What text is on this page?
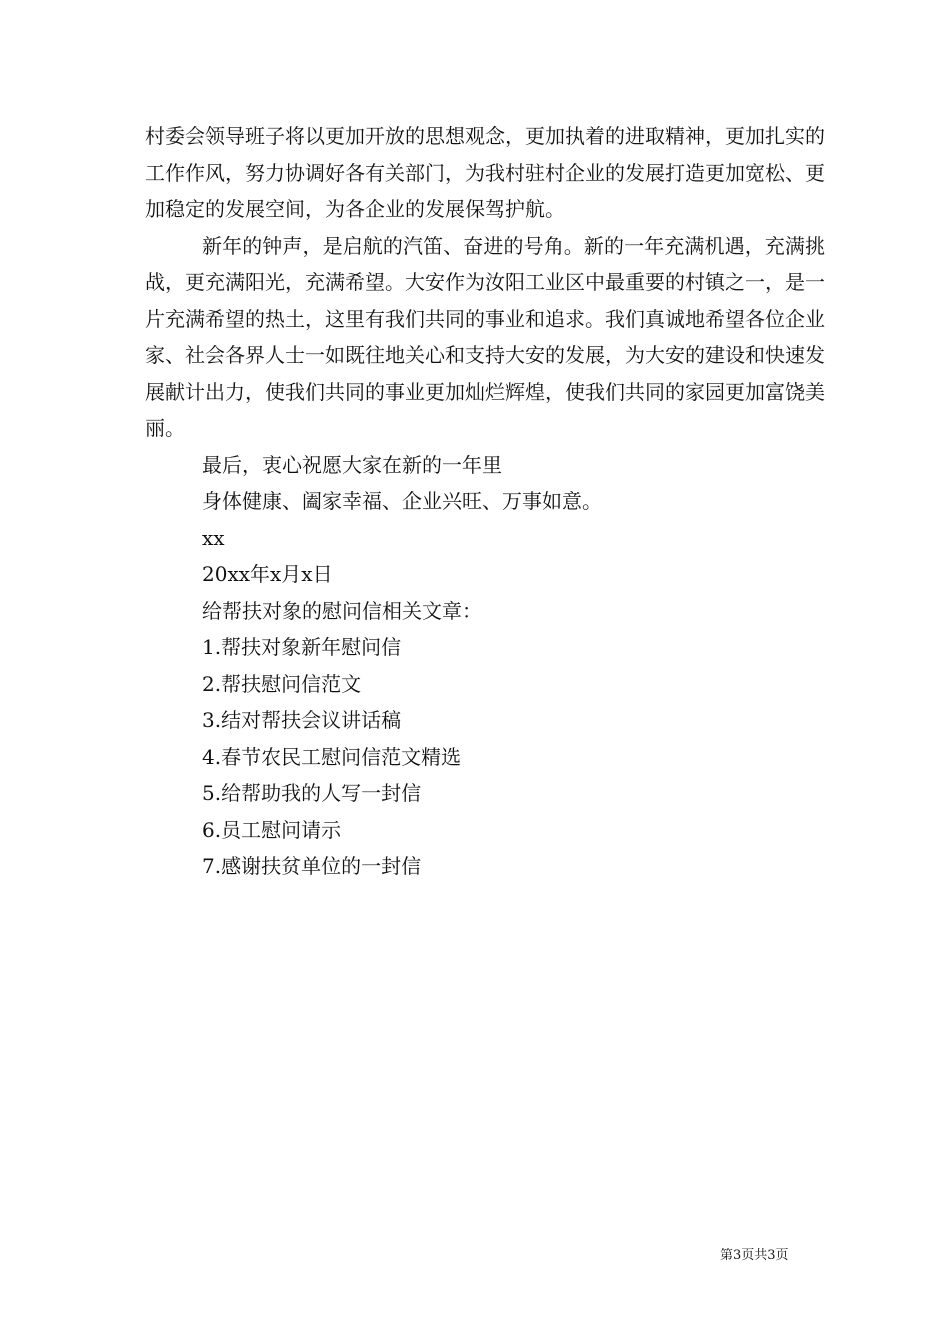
村委会领导班子将以更加开放的思想观念，更加执着的进取精神，更加扎实的工作作风，努力协调好各有关部门，为我村驻村企业的发展打造更加宽松、更加稳定的发展空间，为各企业的发展保驾护航。

新年的钟声，是启航的汽笛、奋进的号角。新的一年充满机遇，充满挑战，更充满阳光，充满希望。大安作为汝阳工业区中最重要的村镇之一，是一片充满希望的热土，这里有我们共同的事业和追求。我们真诚地希望各位企业家、社会各界人士一如既往地关心和支持大安的发展，为大安的建设和快速发展献计出力，使我们共同的事业更加灿烂辉煌，使我们共同的家园更加富饶美丽。

最后，衷心祝愿大家在新的一年里

身体健康、阖家幸福、企业兴旺、万事如意。

xx

20xx年x月x日

给帮扶对象的慰问信相关文章：

1.帮扶对象新年慰问信
2.帮扶慰问信范文
3.结对帮扶会议讲话稿
4.春节农民工慰问信范文精选
5.给帮助我的人写一封信
6.员工慰问请示
7.感谢扶贫单位的一封信
第3页共3页
